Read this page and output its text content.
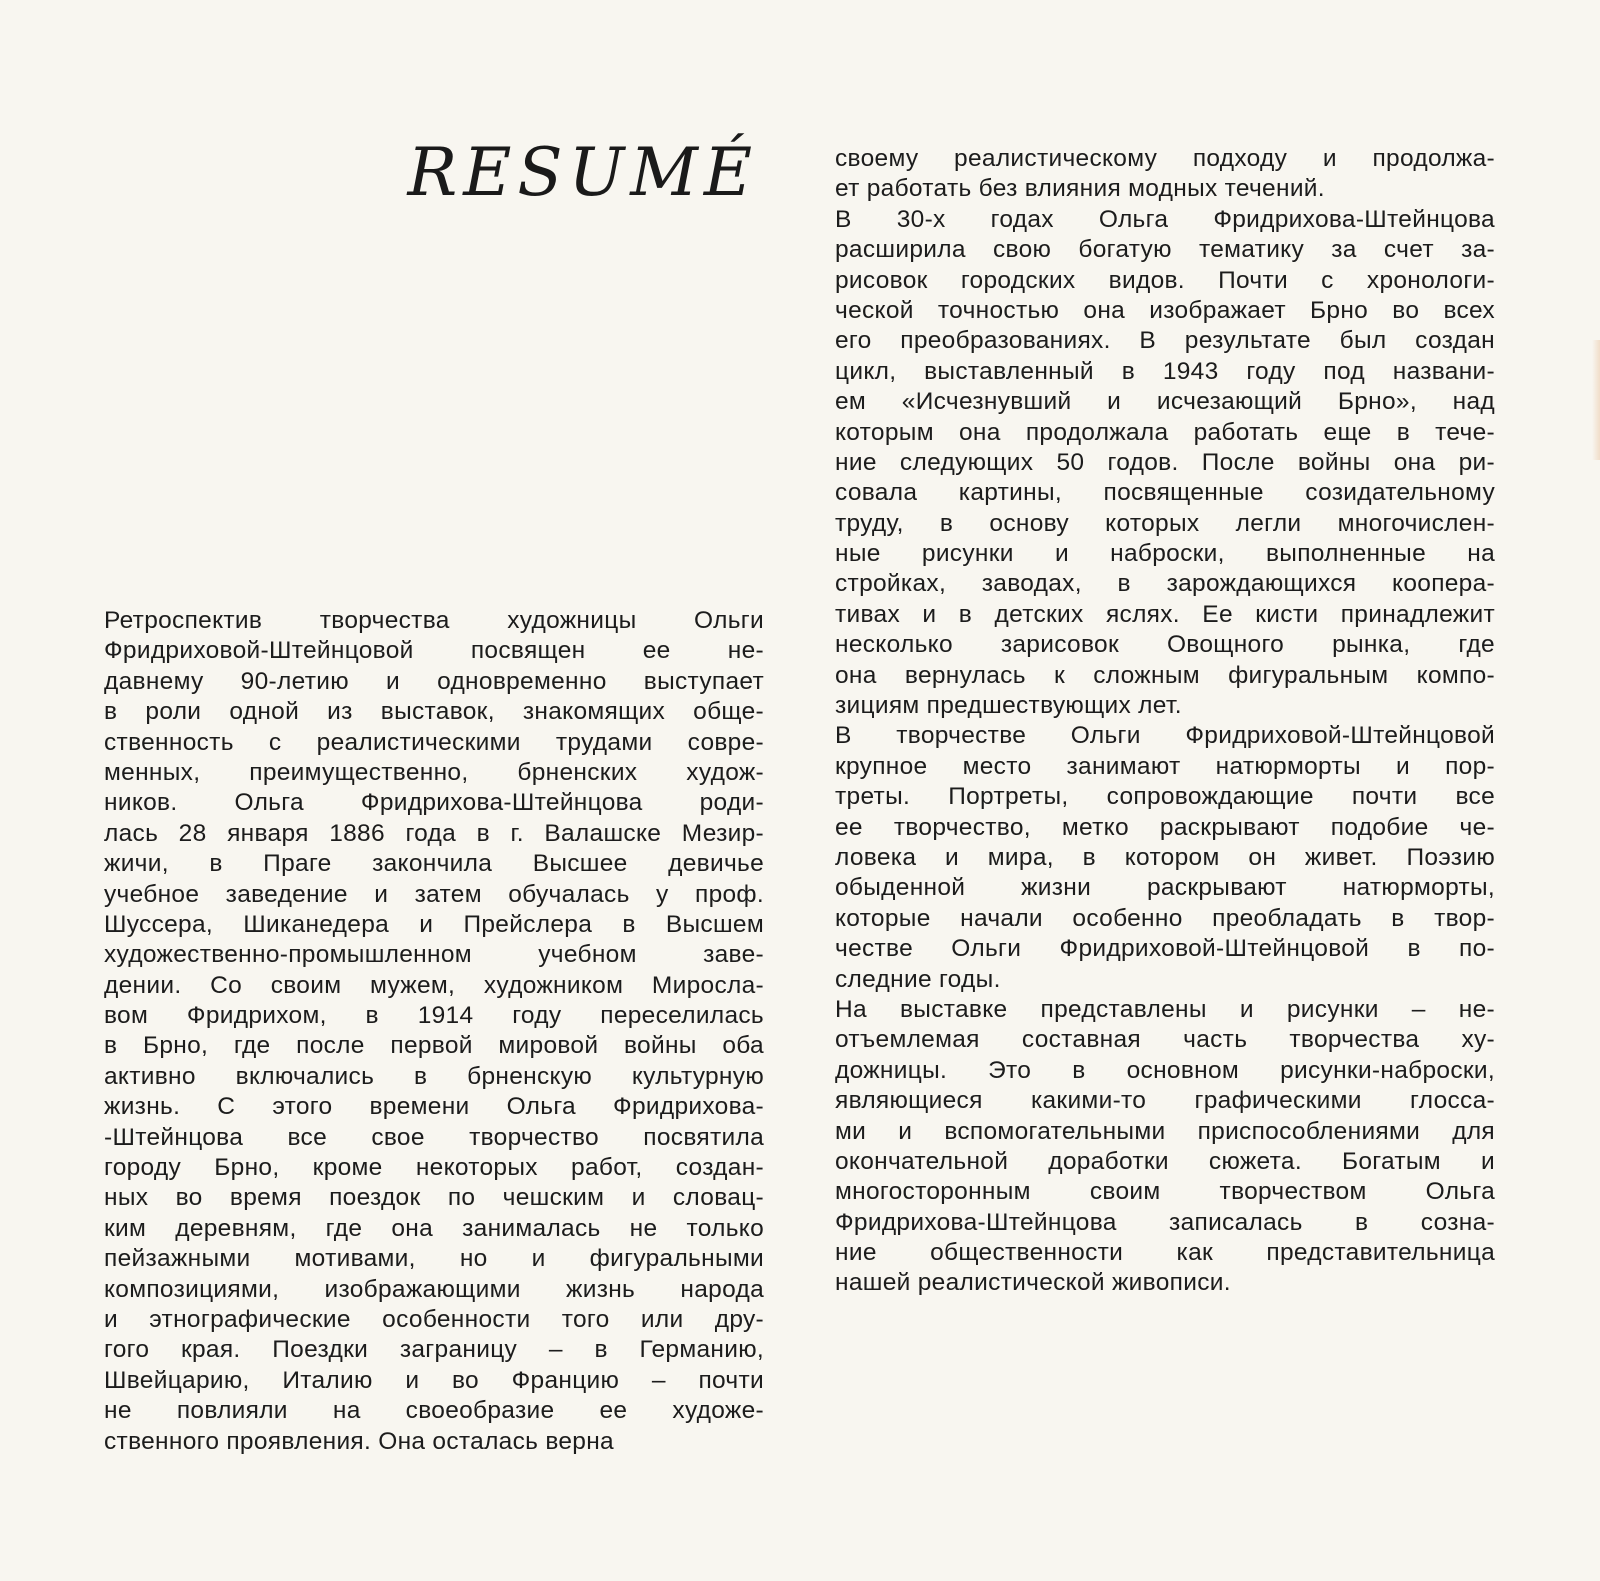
RESUMÉ

Ретроспектив творчества художницы Ольги
Фридриховой-Штейнцовой посвящен ее не-
давнему 90-летию и одновременно выступает
в роли одной из выставок, знакомящих обще-
ственность с реалистическими трудами совре-
менных, преимущественно, брненских худож-
ников. Ольга Фридрихова-Штейнцова роди-
лась 28 января 1886 года в г. Валашске Мезир-
жичи, в Праге закончила Высшее девичье
учебное заведение и затем обучалась у проф.
Шуссера, Шиканедера и Прейслера в Высшем
художественно-промышленном учебном заве-
дении. Со своим мужем, художником Миросла-
вом Фридрихом, в 1914 году переселилась
в Брно, где после первой мировой войны оба
активно включались в брненскую культурную
жизнь. С этого времени Ольга Фридрихова-
-Штейнцова все свое творчество посвятила
городу Брно, кроме некоторых работ, создан-
ных во время поездок по чешским и словац-
ким деревням, где она занималась не только
пейзажными мотивами, но и фигуральными
композициями, изображающими жизнь народа
и этнографические особенности того или дру-
гого края. Поездки заграницу – в Германию,
Швейцарию, Италию и во Францию – почти
не повлияли на своеобразие ее художе-
ственного проявления. Она осталась верна

своему реалистическому подходу и продолжа-
ет работать без влияния модных течений.

В 30-х годах Ольга Фридрихова-Штейнцова
расширила свою богатую тематику за счет за-
рисовок городских видов. Почти с хронологи-
ческой точностью она изображает Брно во всех
его преобразованиях. В результате был создан
цикл, выставленный в 1943 году под названи-
ем «Исчезнувший и исчезающий Брно», над
которым она продолжала работать еще в тече-
ние следующих 50 годов. После войны она ри-
совала картины, посвященные созидательному
труду, в основу которых легли многочислен-
ные рисунки и наброски, выполненные на
стройках, заводах, в зарождающихся коопера-
тивах и в детских яслях. Ее кисти принадлежит
несколько зарисовок Овощного рынка, где
она вернулась к сложным фигуральным компо-
зициям предшествующих лет.

В творчестве Ольги Фридриховой-Штейнцовой
крупное место занимают натюрморты и пор-
треты. Портреты, сопровождающие почти все
ее творчество, метко раскрывают подобие че-
ловека и мира, в котором он живет. Поэзию
обыденной жизни раскрывают натюрморты,
которые начали особенно преобладать в твор-
честве Ольги Фридриховой-Штейнцовой в по-
следние годы.

На выставке представлены и рисунки – не-
отъемлемая составная часть творчества ху-
дожницы. Это в основном рисунки-наброски,
являющиеся какими-то графическими глосса-
ми и вспомогательными приспособлениями для
окончательной доработки сюжета. Богатым и
многосторонным своим творчеством Ольга
Фридрихова-Штейнцова записалась в созна-
ние общественности как представительница
нашей реалистической живописи.
